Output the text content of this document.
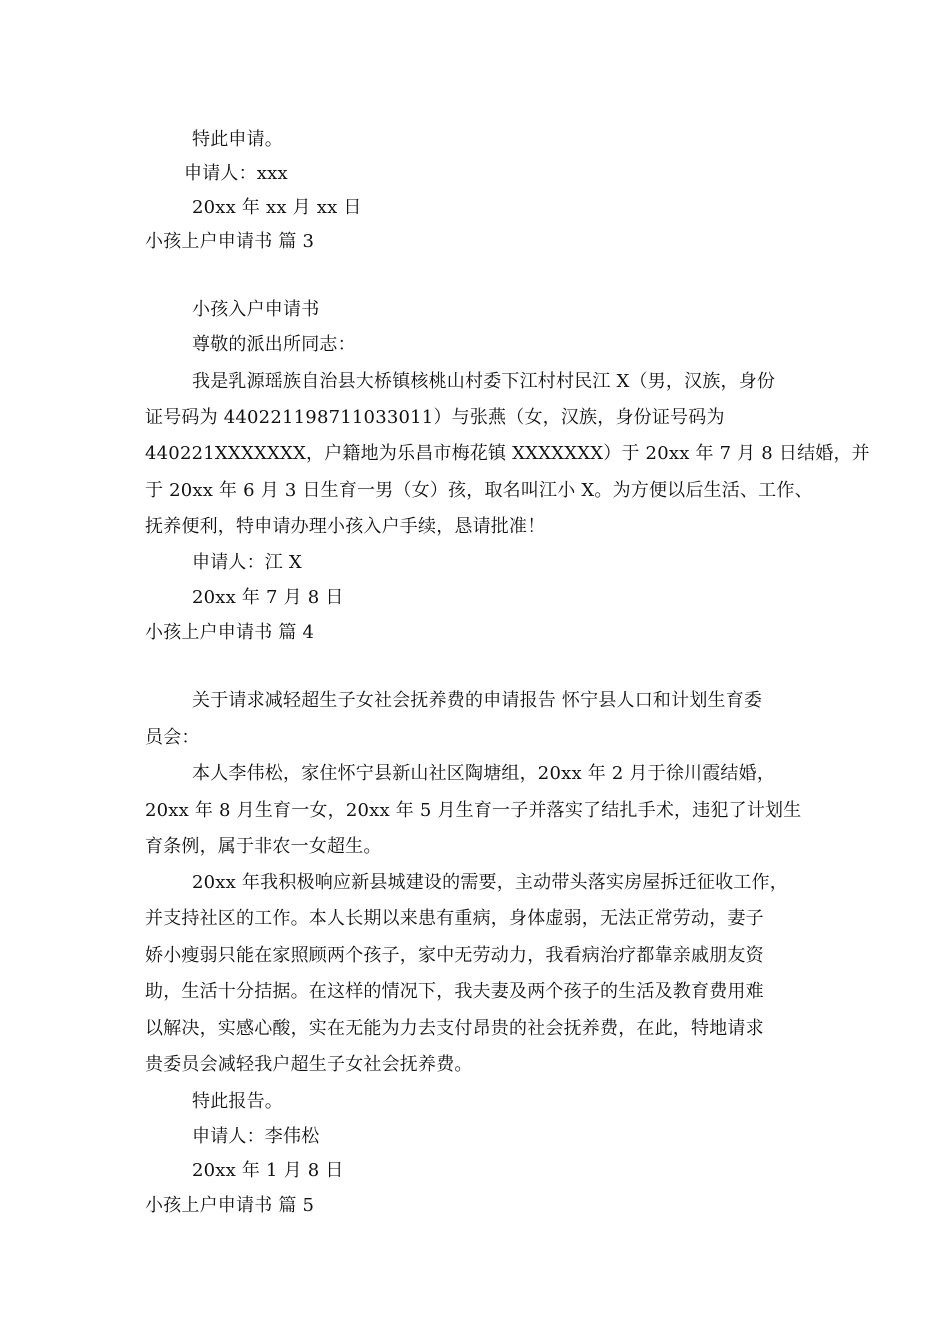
特此申请。
申请人：xxx
20xx 年 xx 月 xx 日
小孩上户申请书 篇 3
小孩入户申请书
尊敬的派出所同志：
我是乳源瑶族自治县大桥镇核桃山村委下江村村民江 X（男，汉族，身份
证号码为 440221198711033011）与张燕（女，汉族，身份证号码为
440221XXXXXXX，户籍地为乐昌市梅花镇 XXXXXXX）于 20xx 年 7 月 8 日结婚，并
于 20xx 年 6 月 3 日生育一男（女）孩，取名叫江小 X。为方便以后生活、工作、
抚养便利，特申请办理小孩入户手续，恳请批准！
申请人：江 X
20xx 年 7 月 8 日
小孩上户申请书 篇 4
关于请求减轻超生子女社会抚养费的申请报告 怀宁县人口和计划生育委
员会：
本人李伟松，家住怀宁县新山社区陶塘组，20xx 年 2 月于徐川霞结婚，
20xx 年 8 月生育一女，20xx 年 5 月生育一子并落实了结扎手术，违犯了计划生
育条例，属于非农一女超生。
20xx 年我积极响应新县城建设的需要，主动带头落实房屋拆迁征收工作，
并支持社区的工作。本人长期以来患有重病，身体虚弱，无法正常劳动，妻子
娇小瘦弱只能在家照顾两个孩子，家中无劳动力，我看病治疗都靠亲戚朋友资
助，生活十分拮据。在这样的情况下，我夫妻及两个孩子的生活及教育费用难
以解决，实感心酸，实在无能为力去支付昂贵的社会抚养费，在此，特地请求
贵委员会减轻我户超生子女社会抚养费。
特此报告。
申请人：李伟松
20xx 年 1 月 8 日
小孩上户申请书 篇 5
